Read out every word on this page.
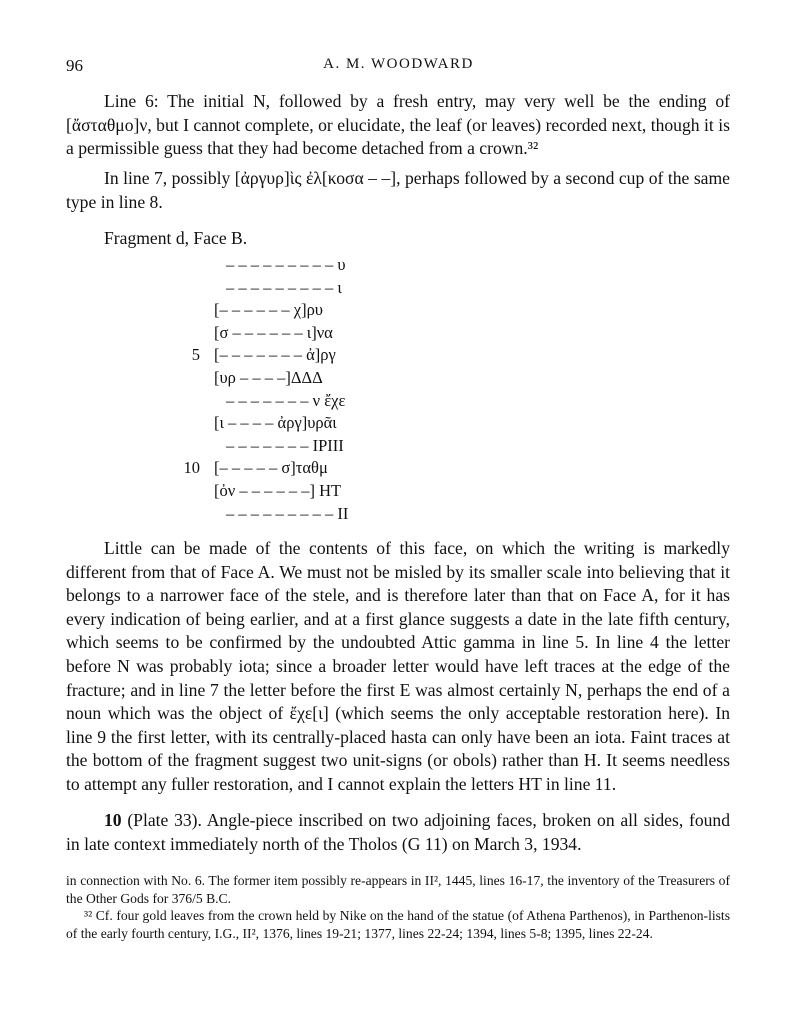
96	A. M. WOODWARD

Line 6: The initial N, followed by a fresh entry, may very well be the ending of [ἄσταθμο]ν, but I cannot complete, or elucidate, the leaf (or leaves) recorded next, though it is a permissible guess that they had become detached from a crown.³²

In line 7, possibly [ἀργυρ]ὶς ἐλ[κοσα – –], perhaps followed by a second cup of the same type in line 8.

Fragment d, Face B.
– – – – – – – – – υ
– – – – – – – – – ι
[– – – – – – χ]ρυ
[σ – – – – – – ι]να
5 [– – – – – – – ἀ]ργ
[υρ – – – –]ΔΔΔ
– – – – – – – ν ἔχε
[ι – – – – ἀργ]υρᾶι
– – – – – – – ΙΡΙΙΙ
10 [– – – – – σ]ταθμ
[ὀν – – – – – –] ΗΤ
– – – – – – – – – ΙΙ

Little can be made of the contents of this face, on which the writing is markedly different from that of Face A. We must not be misled by its smaller scale into believing that it belongs to a narrower face of the stele, and is therefore later than that on Face A, for it has every indication of being earlier, and at a first glance suggests a date in the late fifth century, which seems to be confirmed by the undoubted Attic gamma in line 5. In line 4 the letter before N was probably iota; since a broader letter would have left traces at the edge of the fracture; and in line 7 the letter before the first E was almost certainly N, perhaps the end of a noun which was the object of ἔχε[ι] (which seems the only acceptable restoration here). In line 9 the first letter, with its centrally-placed hasta can only have been an iota. Faint traces at the bottom of the fragment suggest two unit-signs (or obols) rather than H. It seems needless to attempt any fuller restoration, and I cannot explain the letters HT in line 11.

10 (Plate 33). Angle-piece inscribed on two adjoining faces, broken on all sides, found in late context immediately north of the Tholos (G 11) on March 3, 1934.

in connection with No. 6. The former item possibly re-appears in II², 1445, lines 16-17, the inventory of the Treasurers of the Other Gods for 376/5 B.C.

³² Cf. four gold leaves from the crown held by Nike on the hand of the statue (of Athena Parthenos), in Parthenon-lists of the early fourth century, I.G., II², 1376, lines 19-21; 1377, lines 22-24; 1394, lines 5-8; 1395, lines 22-24.
